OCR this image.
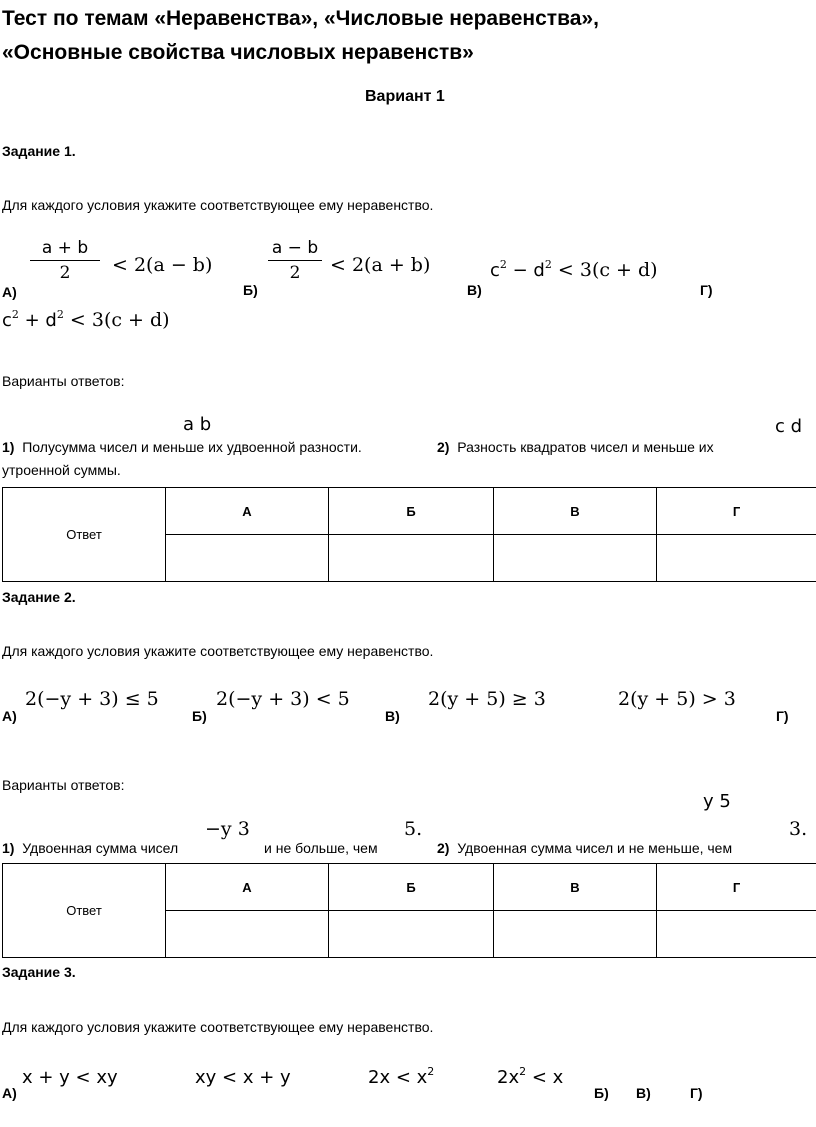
Тест по темам «Неравенства», «Числовые неравенства»,
«Основные свойства числовых неравенств»
Вариант 1
Задание 1.
Для каждого условия укажите соответствующее ему неравенство.
a + b
2	< 2(a − b)
А)
a − b
2	< 2(a + b)
Б)	В)
$c^2 - d^2 < 3(c + d)$
Г)
$c^2 + d^2 < 3(c + d)$
Варианты ответов:
a b	c d
1) Полусумма чисел и меньше их удвоенной разности.	2) Разность квадратов чисел и меньше их
утроенной суммы.
Ответ	А	Б	В	Г

Задание 2.
Для каждого условия укажите соответствующее ему неравенство.
2(−y + 3) ≤ 5
А)	Б)
2(−y + 3) < 5
В)
2(y + 5) ≥ 3	2(y + 5) > 3
Г)
Варианты ответов:
y 5
−y 3	5.	3.
1) Удвоенная сумма чисел	и не больше, чем	2) Удвоенная сумма чисел и не меньше, чем
Ответ	А	Б	В	Г

Задание 3.
Для каждого условия укажите соответствующее ему неравенство.
x + y < xy
А)
xy < x + y	$2x < x^2$	$2x^2 < x$
Б) В)	Г)
